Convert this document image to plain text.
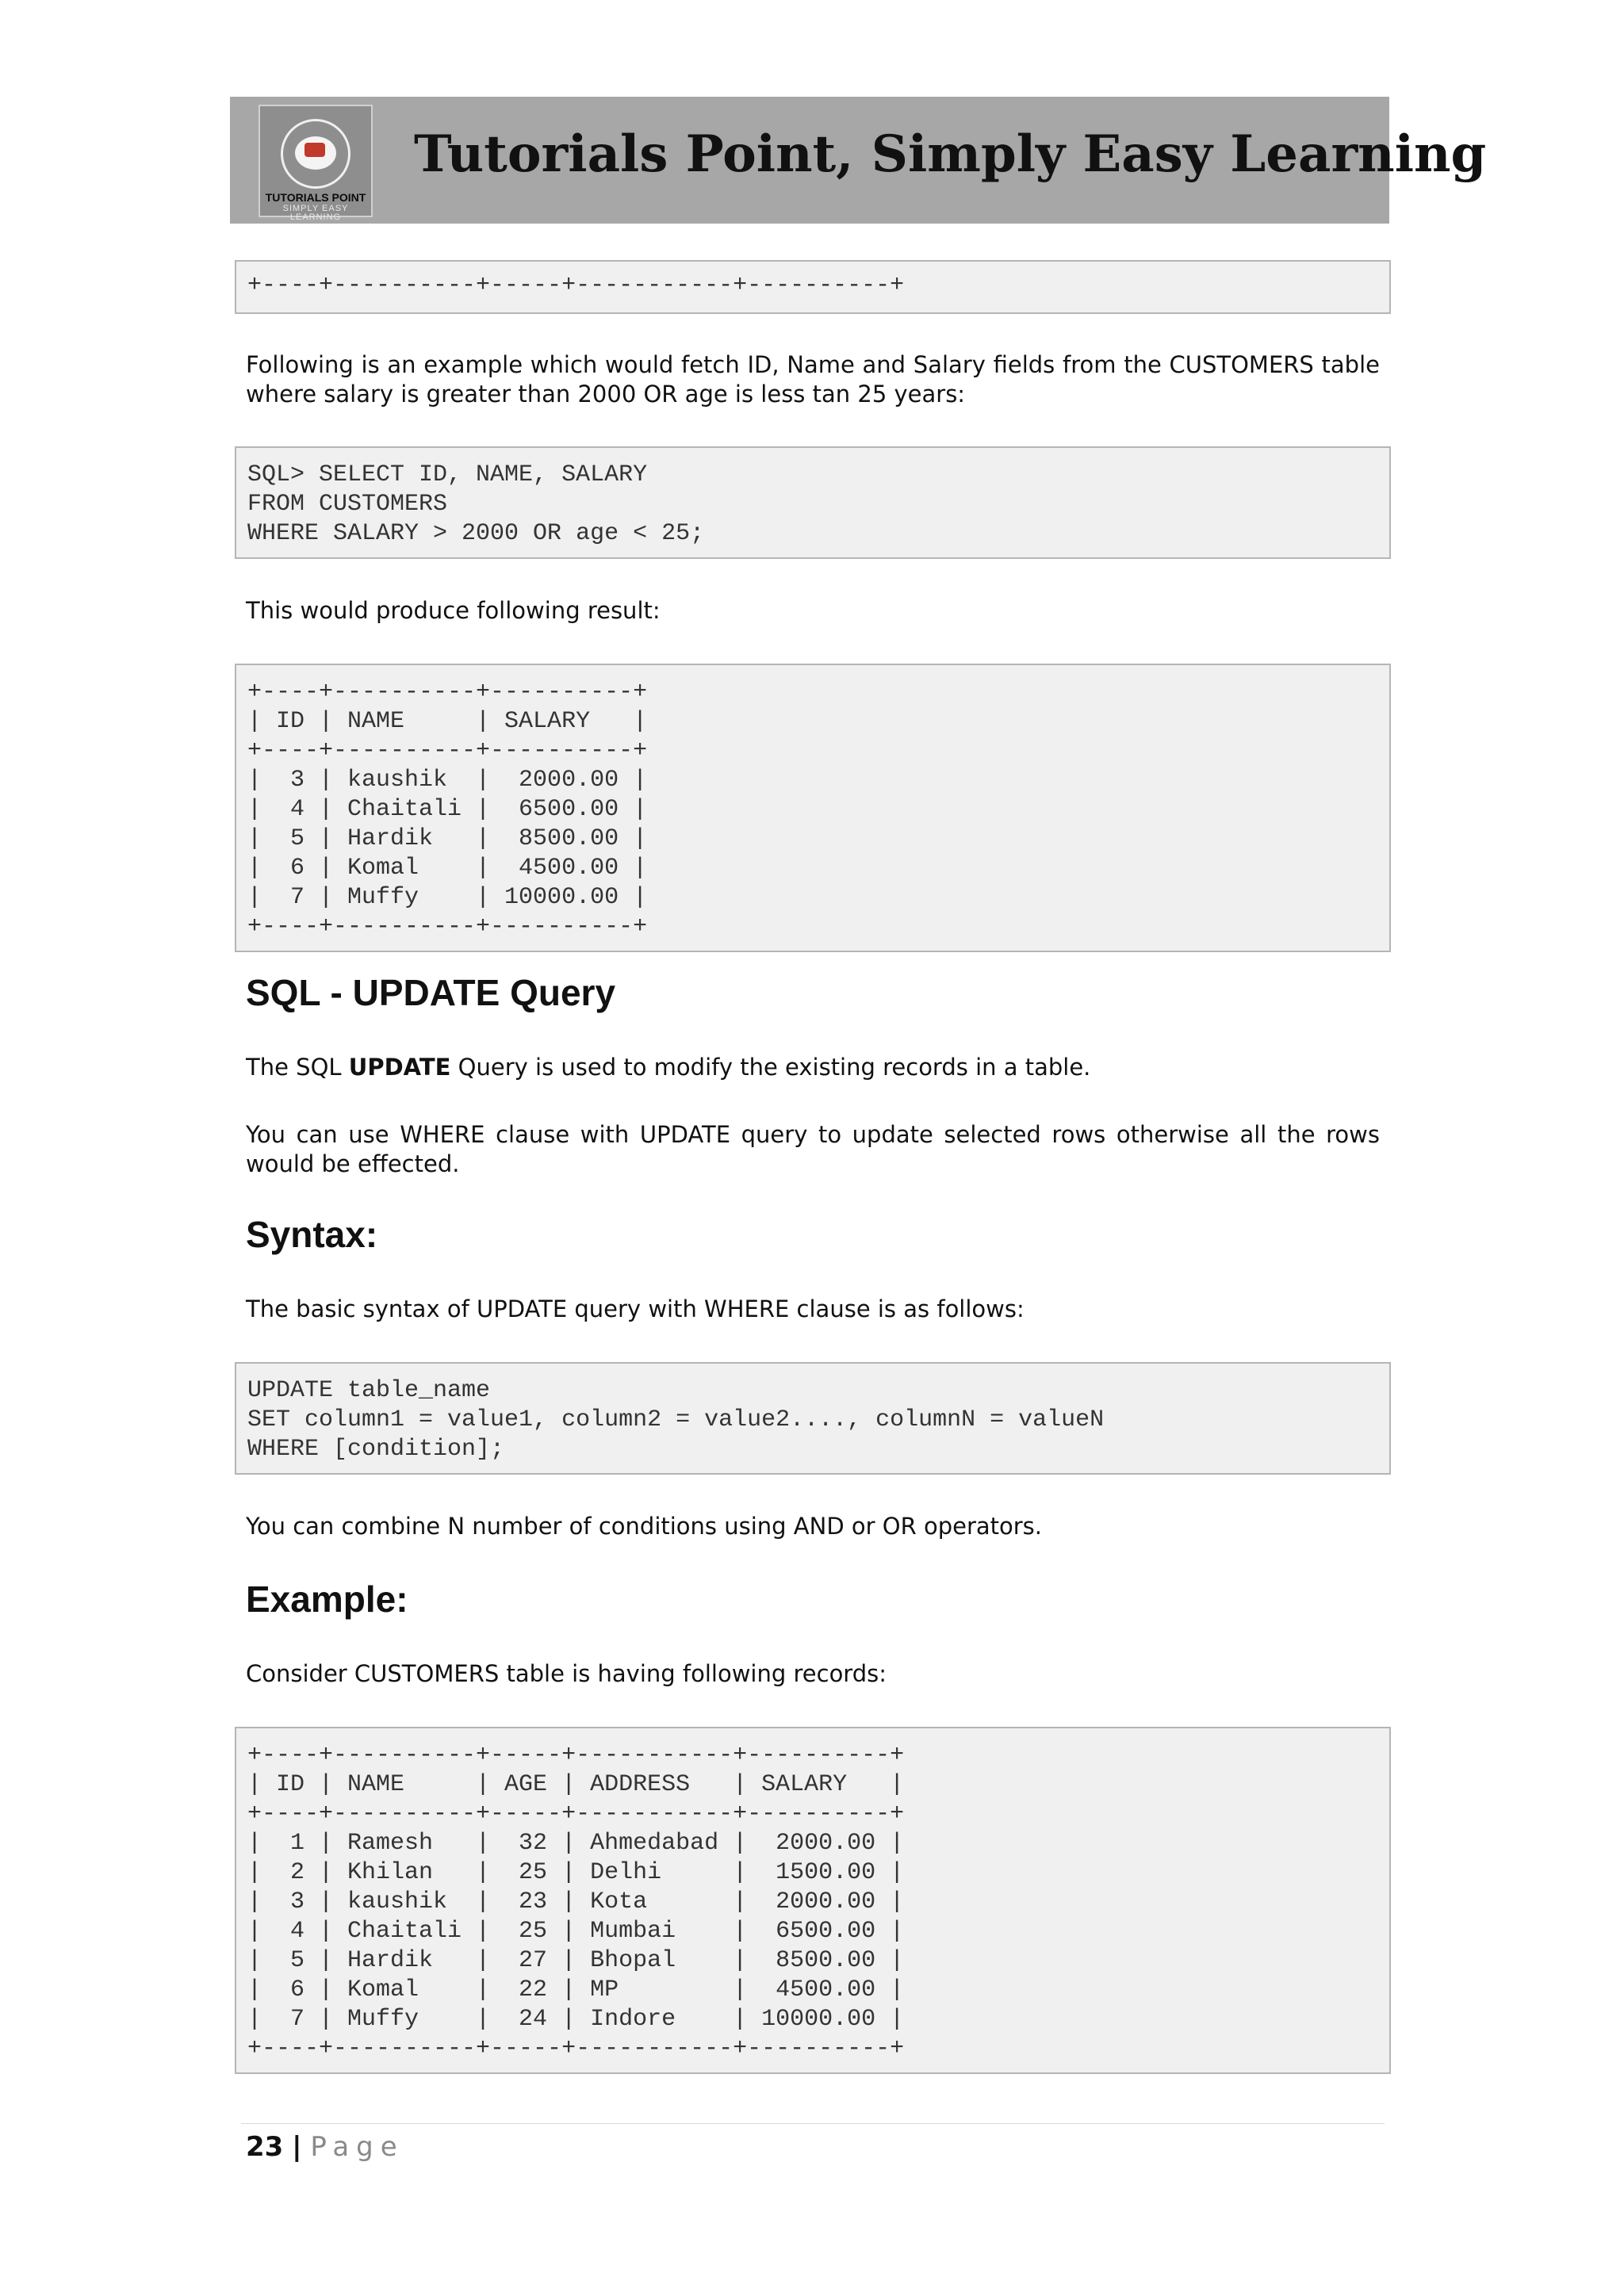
TUTORIALS POINT
SIMPLY EASY LEARNING
Tutorials Point, Simply Easy Learning
+----+----------+-----+-----------+----------+

Following is an example which would fetch ID, Name and Salary fields from the CUSTOMERS table where salary is greater than 2000 OR age is less tan 25 years:

SQL> SELECT ID, NAME, SALARY
FROM CUSTOMERS
WHERE SALARY > 2000 OR age < 25;

This would produce following result:

+----+----------+----------+
| ID | NAME     | SALARY   |
+----+----------+----------+
|  3 | kaushik  |  2000.00 |
|  4 | Chaitali |  6500.00 |
|  5 | Hardik   |  8500.00 |
|  6 | Komal    |  4500.00 |
|  7 | Muffy    | 10000.00 |
+----+----------+----------+
SQL - UPDATE Query

The SQL UPDATE Query is used to modify the existing records in a table.

You can use WHERE clause with UPDATE query to update selected rows otherwise all the rows would be effected.

Syntax:

The basic syntax of UPDATE query with WHERE clause is as follows:

UPDATE table_name
SET column1 = value1, column2 = value2...., columnN = valueN
WHERE [condition];

You can combine N number of conditions using AND or OR operators.

Example:

Consider CUSTOMERS table is having following records:

+----+----------+-----+-----------+----------+
| ID | NAME     | AGE | ADDRESS   | SALARY   |
+----+----------+-----+-----------+----------+
|  1 | Ramesh   |  32 | Ahmedabad |  2000.00 |
|  2 | Khilan   |  25 | Delhi     |  1500.00 |
|  3 | kaushik  |  23 | Kota      |  2000.00 |
|  4 | Chaitali |  25 | Mumbai    |  6500.00 |
|  5 | Hardik   |  27 | Bhopal    |  8500.00 |
|  6 | Komal    |  22 | MP        |  4500.00 |
|  7 | Muffy    |  24 | Indore    | 10000.00 |
+----+----------+-----+-----------+----------+
23 | Page
